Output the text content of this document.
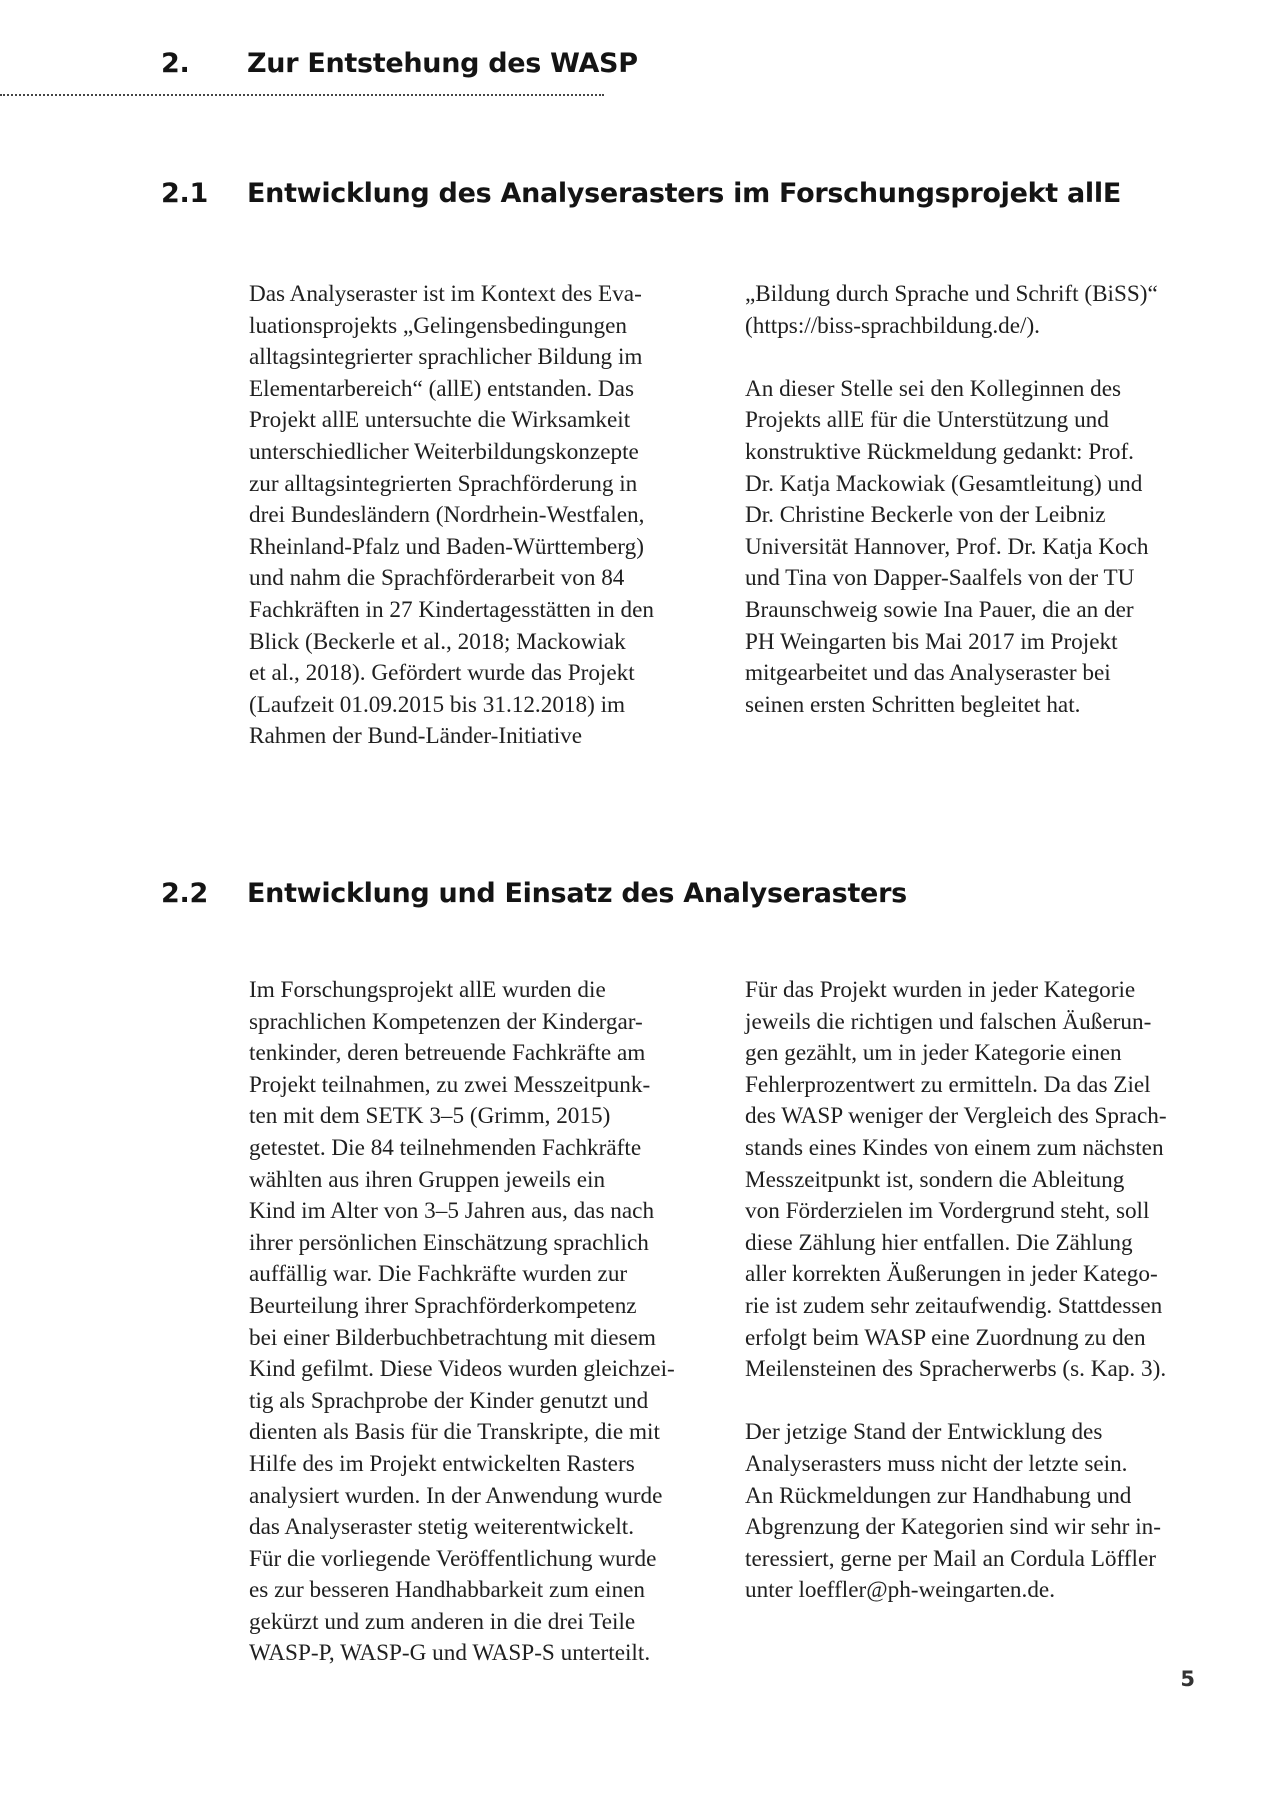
2. Zur Entstehung des WASP
2.1 Entwicklung des Analyserasters im Forschungsprojekt allE

Das Analyseraster ist im Kontext des Eva-
luationsprojekts „Gelingensbedingungen
alltagsintegrierter sprachlicher Bildung im
Elementarbereich“ (allE) entstanden. Das
Projekt allE untersuchte die Wirksamkeit
unterschiedlicher Weiterbildungskonzepte
zur alltagsintegrierten Sprachförderung in
drei Bundesländern (Nordrhein-Westfalen,
Rheinland-Pfalz und Baden-Württemberg)
und nahm die Sprachförderarbeit von 84
Fachkräften in 27 Kindertagesstätten in den
Blick (Beckerle et al., 2018; Mackowiak
et al., 2018). Gefördert wurde das Projekt
(Laufzeit 01.09.2015 bis 31.12.2018) im
Rahmen der Bund-Länder-Initiative

„Bildung durch Sprache und Schrift (BiSS)“
(https://biss-sprachbildung.de/).

An dieser Stelle sei den Kolleginnen des
Projekts allE für die Unterstützung und
konstruktive Rückmeldung gedankt: Prof.
Dr. Katja Mackowiak (Gesamtleitung) und
Dr. Christine Beckerle von der Leibniz
Universität Hannover, Prof. Dr. Katja Koch
und Tina von Dapper-Saalfels von der TU
Braunschweig sowie Ina Pauer, die an der
PH Weingarten bis Mai 2017 im Projekt
mitgearbeitet und das Analyseraster bei
seinen ersten Schritten begleitet hat.

2.2 Entwicklung und Einsatz des Analyserasters

Im Forschungsprojekt allE wurden die
sprachlichen Kompetenzen der Kindergar-
tenkinder, deren betreuende Fachkräfte am
Projekt teilnahmen, zu zwei Messzeitpunk-
ten mit dem SETK 3–5 (Grimm, 2015)
getestet. Die 84 teilnehmenden Fachkräfte
wählten aus ihren Gruppen jeweils ein
Kind im Alter von 3–5 Jahren aus, das nach
ihrer persönlichen Einschätzung sprachlich
auffällig war. Die Fachkräfte wurden zur
Beurteilung ihrer Sprachförderkompetenz
bei einer Bilderbuchbetrachtung mit diesem
Kind gefilmt. Diese Videos wurden gleichzei-
tig als Sprachprobe der Kinder genutzt und
dienten als Basis für die Transkripte, die mit
Hilfe des im Projekt entwickelten Rasters
analysiert wurden. In der Anwendung wurde
das Analyseraster stetig weiterentwickelt.
Für die vorliegende Veröffentlichung wurde
es zur besseren Handhabbarkeit zum einen
gekürzt und zum anderen in die drei Teile
WASP-P, WASP-G und WASP-S unterteilt.

Für das Projekt wurden in jeder Kategorie
jeweils die richtigen und falschen Äußerun-
gen gezählt, um in jeder Kategorie einen
Fehlerprozentwert zu ermitteln. Da das Ziel
des WASP weniger der Vergleich des Sprach-
stands eines Kindes von einem zum nächsten
Messzeitpunkt ist, sondern die Ableitung
von Förderzielen im Vordergrund steht, soll
diese Zählung hier entfallen. Die Zählung
aller korrekten Äußerungen in jeder Katego-
rie ist zudem sehr zeitaufwendig. Stattdessen
erfolgt beim WASP eine Zuordnung zu den
Meilensteinen des Spracherwerbs (s. Kap. 3).

Der jetzige Stand der Entwicklung des
Analyserasters muss nicht der letzte sein.
An Rückmeldungen zur Handhabung und
Abgrenzung der Kategorien sind wir sehr in-
teressiert, gerne per Mail an Cordula Löffler
unter loeffler@ph-weingarten.de.

5
